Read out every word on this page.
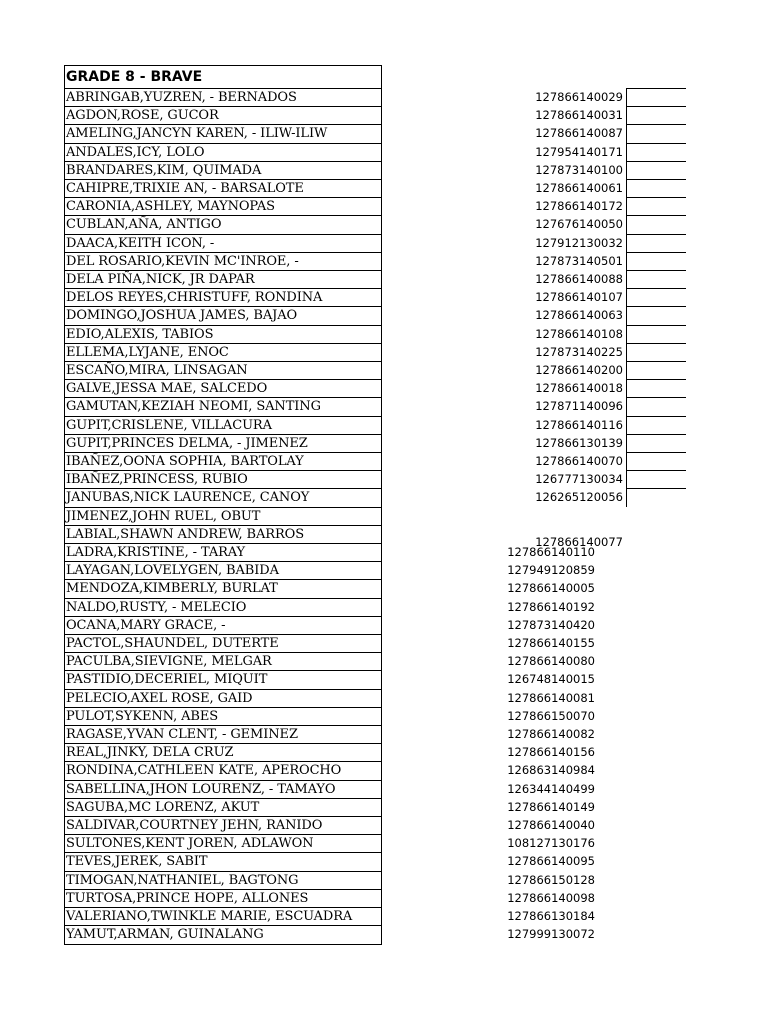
GRADE 8 - BRAVE
ABRINGAB,YUZREN, - BERNADOS	127866140029
AGDON,ROSE, GUCOR	127866140031
AMELING,JANCYN KAREN, - ILIW-ILIW	127866140087
ANDALES,ICY, LOLO	127954140171
BRANDARES,KIM, QUIMADA	127873140100
CAHIPRE,TRIXIE AN, - BARSALOTE	127866140061
CARONIA,ASHLEY, MAYNOPAS	127866140172
CUBLAN,AÑA, ANTIGO	127676140050
DAACA,KEITH ICON, -	127912130032
DEL ROSARIO,KEVIN MC'INROE, -	127873140501
DELA PIÑA,NICK, JR DAPAR	127866140088
DELOS REYES,CHRISTUFF, RONDINA	127866140107
DOMINGO,JOSHUA JAMES, BAJAO	127866140063
EDIO,ALEXIS, TABIOS	127866140108
ELLEMA,LYJANE, ENOC	127873140225
ESCAÑO,MIRA, LINSAGAN	127866140200
GALVE,JESSA MAE, SALCEDO	127866140018
GAMUTAN,KEZIAH NEOMI, SANTING	127871140096
GUPIT,CRISLENE, VILLACURA	127866140116
GUPIT,PRINCES DELMA, - JIMENEZ	127866130139
IBAÑEZ,OONA SOPHIA, BARTOLAY	127866140070
IBAÑEZ,PRINCESS, RUBIO	126777130034
JANUBAS,NICK LAURENCE, CANOY	126265120056
JIMENEZ,JOHN RUEL, OBUT
LABIAL,SHAWN ANDREW, BARROS	127866140077
LADRA,KRISTINE, - TARAY	127866140110
LAYAGAN,LOVELYGEN, BABIDA	127949120859
MENDOZA,KIMBERLY, BURLAT	127866140005
NALDO,RUSTY, - MELECIO	127866140192
OCANA,MARY GRACE, -	127873140420
PACTOL,SHAUNDEL, DUTERTE	127866140155
PACULBA,SIEVIGNE, MELGAR	127866140080
PASTIDIO,DECERIEL, MIQUIT	126748140015
PELECIO,AXEL ROSE, GAID	127866140081
PULOT,SYKENN, ABES	127866150070
RAGASE,YVAN CLENT, - GEMINEZ	127866140082
REAL,JINKY, DELA CRUZ	127866140156
RONDINA,CATHLEEN KATE, APEROCHO	126863140984
SABELLINA,JHON LOURENZ, - TAMAYO	126344140499
SAGUBA,MC LORENZ, AKUT	127866140149
SALDIVAR,COURTNEY JEHN, RANIDO	127866140040
SULTONES,KENT JOREN, ADLAWON	108127130176
TEVES,JEREK, SABIT	127866140095
TIMOGAN,NATHANIEL, BAGTONG	127866150128
TURTOSA,PRINCE HOPE, ALLONES	127866140098
VALERIANO,TWINKLE MARIE, ESCUADRA	127866130184
YAMUT,ARMAN, GUINALANG	127999130072
